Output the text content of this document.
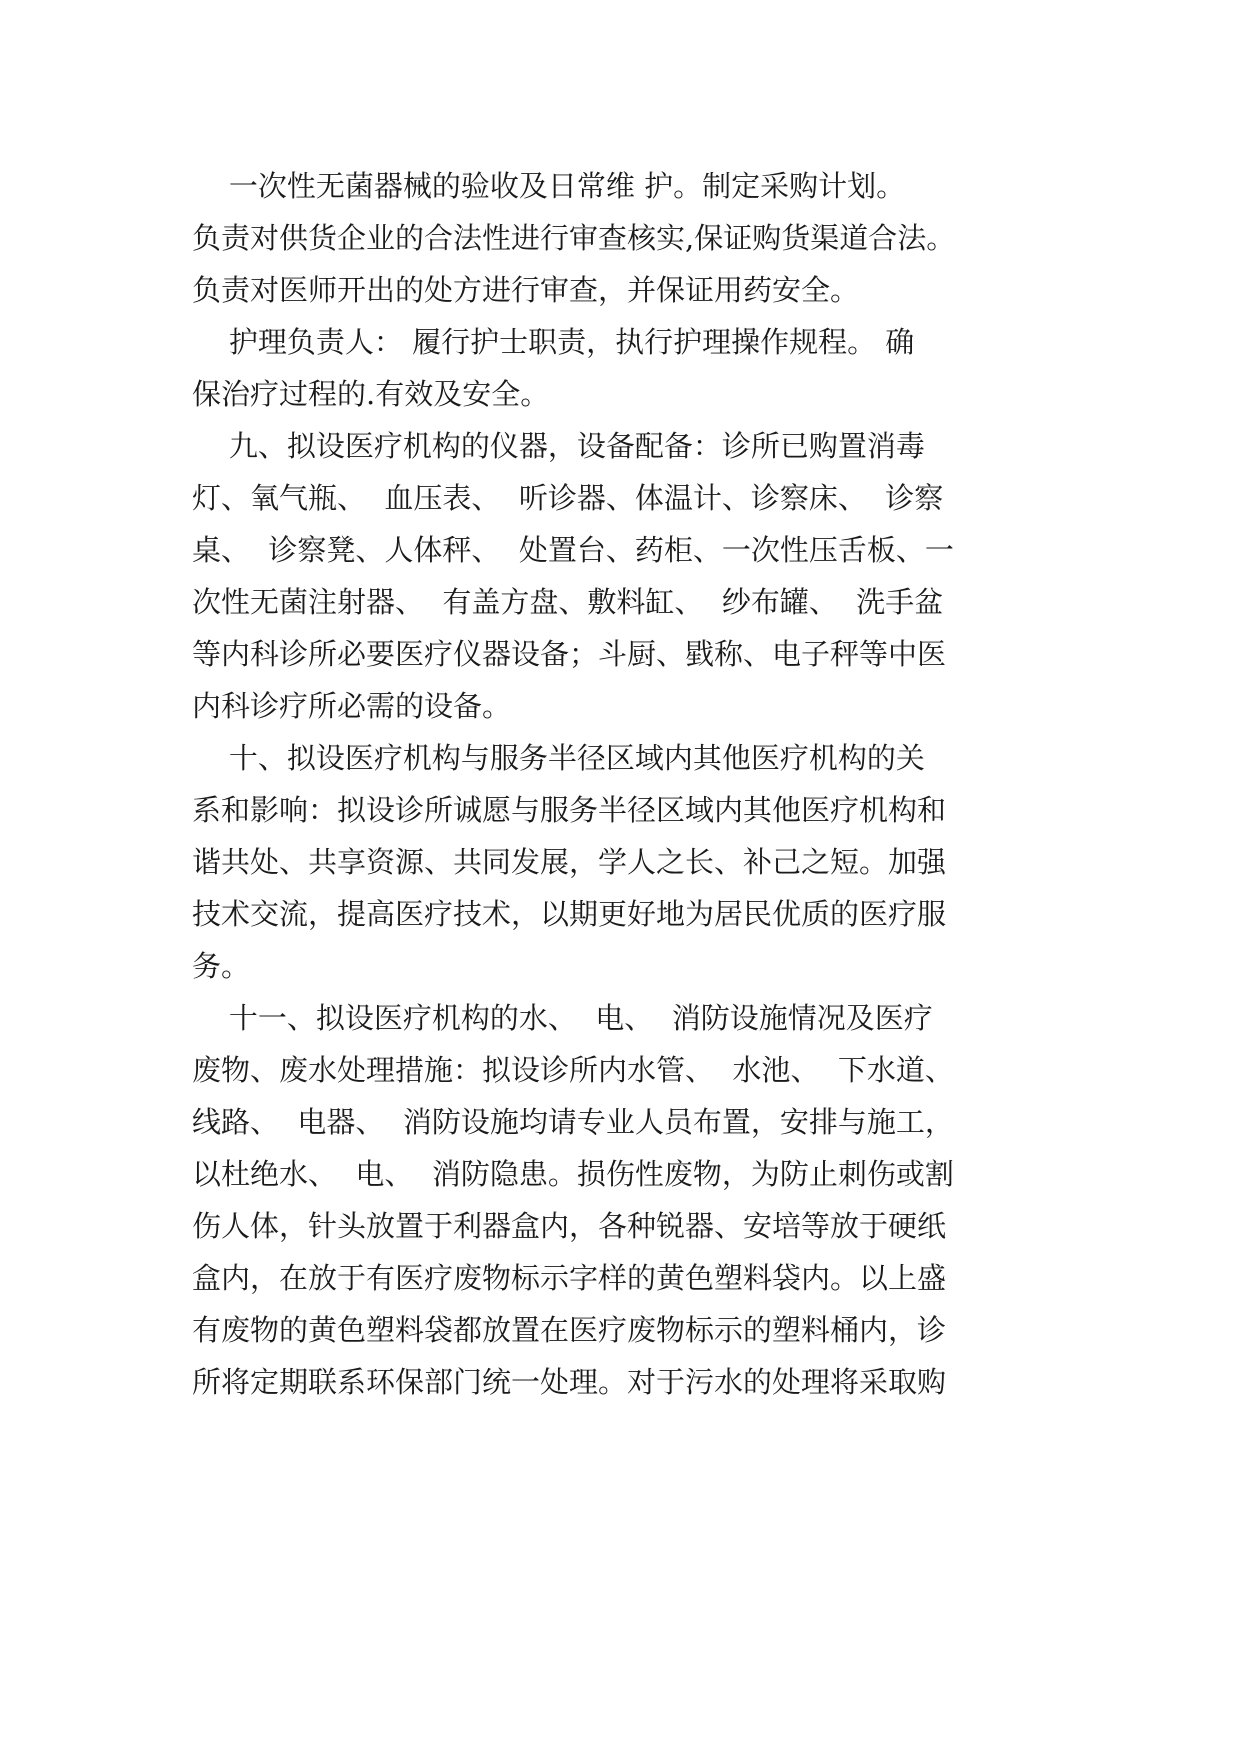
一次性无菌器械的验收及日常维 护。制定采购计划。
负责对供货企业的合法性进行审查核实,保证购货渠道合法。
负责对医师开出的处方进行审查，并保证用药安全。
护理负责人： 履行护士职责，执行护理操作规程。 确
保治疗过程的.有效及安全。
九、拟设医疗机构的仪器，设备配备：诊所已购置消毒
灯、氧气瓶、  血压表、  听诊器、体温计、诊察床、  诊察
桌、  诊察凳、人体秤、  处置台、药柜、一次性压舌板、一
次性无菌注射器、  有盖方盘、敷料缸、  纱布罐、  洗手盆
等内科诊所必要医疗仪器设备；斗厨、戥称、电子秤等中医
内科诊疗所必需的设备。
十、拟设医疗机构与服务半径区域内其他医疗机构的关
系和影响：拟设诊所诚愿与服务半径区域内其他医疗机构和
谐共处、共享资源、共同发展，学人之长、补己之短。加强
技术交流，提高医疗技术，以期更好地为居民优质的医疗服
务。
十一、拟设医疗机构的水、  电、  消防设施情况及医疗
废物、废水处理措施：拟设诊所内水管、  水池、  下水道、
线路、  电器、  消防设施均请专业人员布置，安排与施工，
以杜绝水、  电、  消防隐患。损伤性废物，为防止刺伤或割
伤人体，针头放置于利器盒内，各种锐器、安培等放于硬纸
盒内，在放于有医疗废物标示字样的黄色塑料袋内。以上盛
有废物的黄色塑料袋都放置在医疗废物标示的塑料桶内，诊
所将定期联系环保部门统一处理。对于污水的处理将采取购
